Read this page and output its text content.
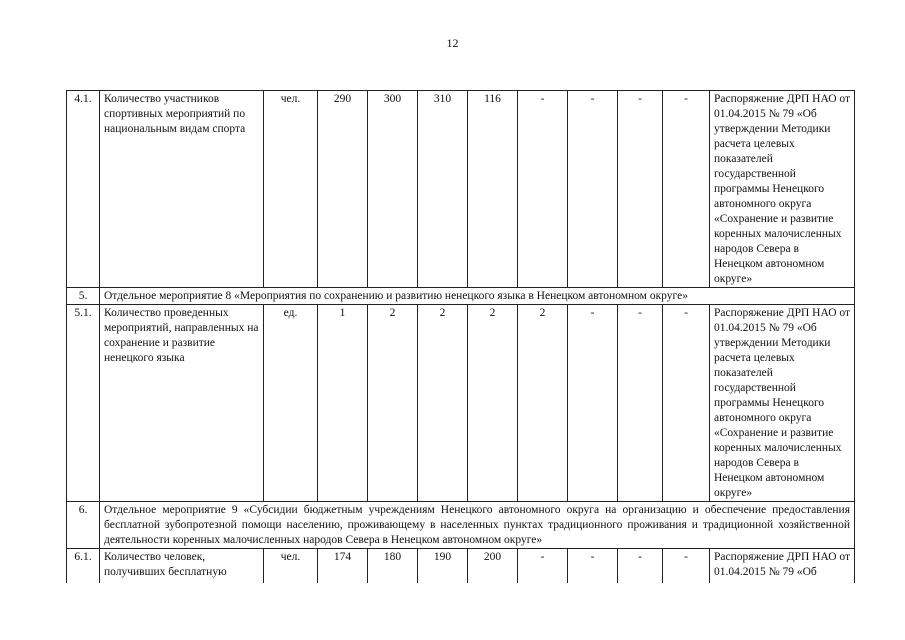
12
4.1.	Количество участников спортивных мероприятий по национальным видам спорта	чел.	290	300	310	116	-	-	-	-	Распоряжение ДРП НАО от 01.04.2015 № 79 «Об утверждении Методики расчета целевых показателей государственной программы Ненецкого автономного округа «Сохранение и развитие коренных малочисленных народов Севера в Ненецком автономном округе»
5.	Отдельное мероприятие 8 «Мероприятия по сохранению и развитию ненецкого языка в Ненецком автономном округе»										
5.1.	Количество проведенных мероприятий, направленных на сохранение и развитие ненецкого языка	ед.	1	2	2	2	2	-	-	-	Распоряжение ДРП НАО от 01.04.2015 № 79 «Об утверждении Методики расчета целевых показателей государственной программы Ненецкого автономного округа «Сохранение и развитие коренных малочисленных народов Севера в Ненецком автономном округе»
6.	Отдельное мероприятие 9 «Субсидии бюджетным учреждениям Ненецкого автономного округа на организацию и обеспечение предоставления бесплатной зубопротезной помощи населению, проживающему в населенных пунктах традиционного проживания и традиционной хозяйственной деятельности коренных малочисленных народов Севера в Ненецком автономном округе»										
6.1.	Количество человек, получивших бесплатную	чел.	174	180	190	200	-	-	-	-	Распоряжение ДРП НАО от 01.04.2015 № 79 «Об
